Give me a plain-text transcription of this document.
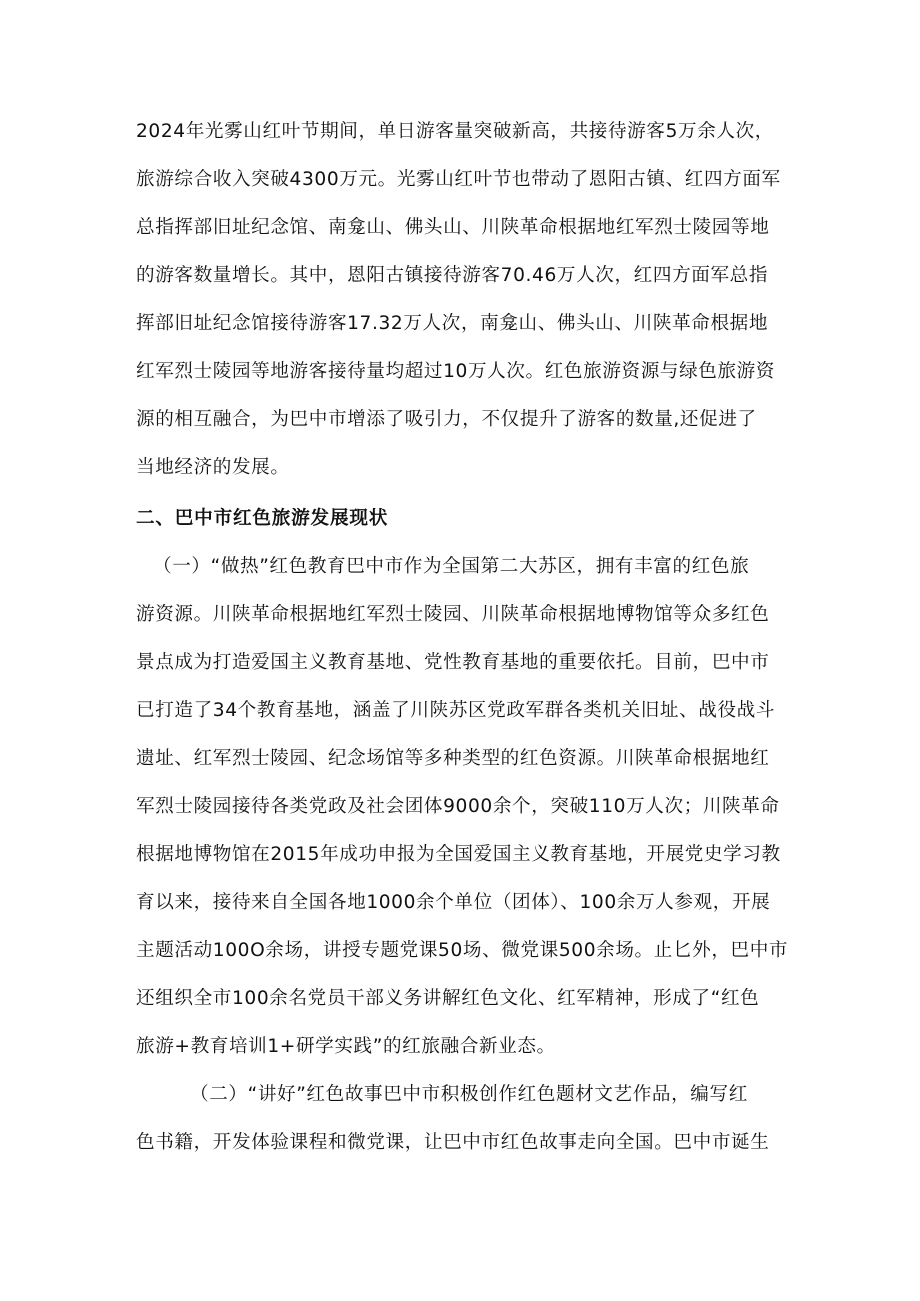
2024年光雾山红叶节期间，单日游客量突破新高，共接待游客5万余人次，
旅游综合收入突破4300万元。光雾山红叶节也带动了恩阳古镇、红四方面军
总指挥部旧址纪念馆、南龛山、佛头山、川陕革命根据地红军烈士陵园等地
的游客数量增长。其中，恩阳古镇接待游客70.46万人次，红四方面军总指
挥部旧址纪念馆接待游客17.32万人次，南龛山、佛头山、川陕革命根据地
红军烈士陵园等地游客接待量均超过10万人次。红色旅游资源与绿色旅游资
源的相互融合，为巴中市增添了吸引力，不仅提升了游客的数量,还促进了
当地经济的发展。
二、巴中市红色旅游发展现状
（一）“做热”红色教育巴中市作为全国第二大苏区，拥有丰富的红色旅
游资源。川陕革命根据地红军烈士陵园、川陕革命根据地博物馆等众多红色
景点成为打造爱国主义教育基地、党性教育基地的重要依托。目前，巴中市
已打造了34个教育基地，涵盖了川陕苏区党政军群各类机关旧址、战役战斗
遗址、红军烈士陵园、纪念场馆等多种类型的红色资源。川陕革命根据地红
军烈士陵园接待各类党政及社会团体9000余个，突破110万人次；川陕革命
根据地博物馆在2015年成功申报为全国爱国主义教育基地，开展党史学习教
育以来，接待来自全国各地1000余个单位（团体）、100余万人参观，开展
主题活动100O余场，讲授专题党课50场、微党课500余场。止匕外，巴中市
还组织全市100余名党员干部义务讲解红色文化、红军精神，形成了“红色
旅游+教育培训1+研学实践”的红旅融合新业态。
（二）“讲好”红色故事巴中市积极创作红色题材文艺作品，编写红
色书籍，开发体验课程和微党课，让巴中市红色故事走向全国。巴中市诞生
